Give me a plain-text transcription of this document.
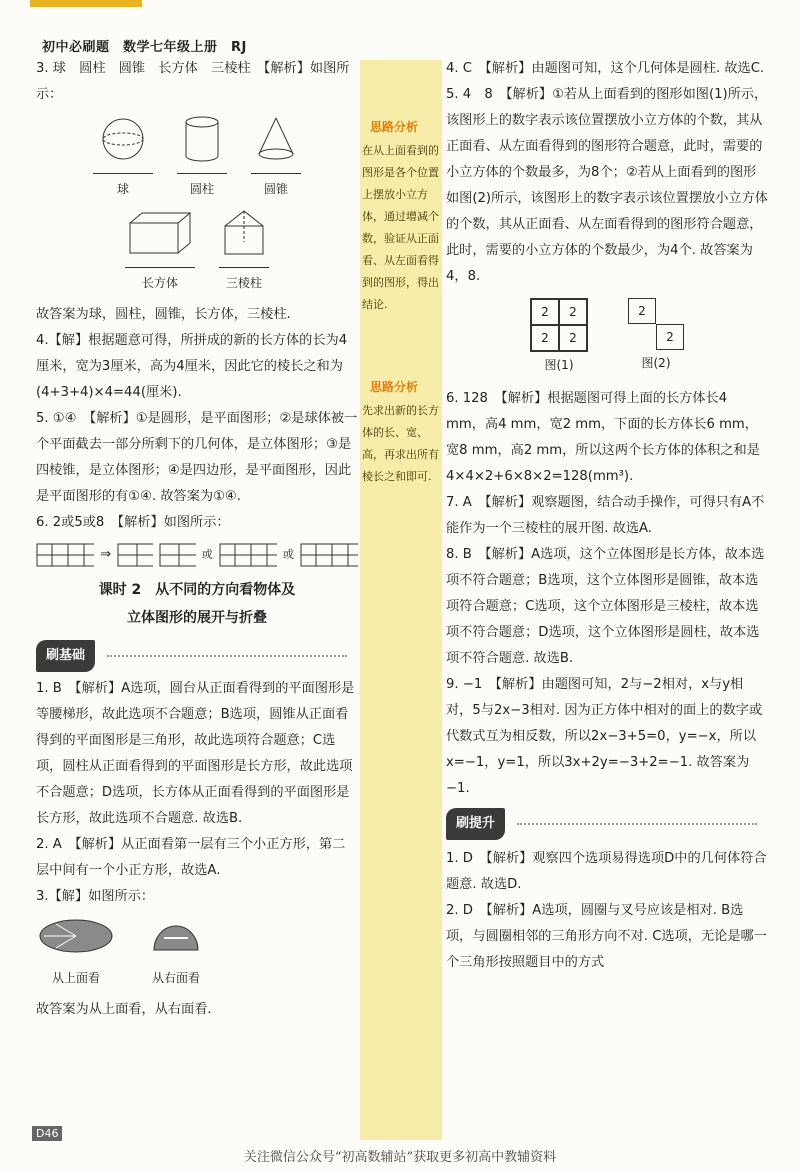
初中必刷题　数学七年级上册　RJ
思路分析
在从上面看到的图形是各个位置上摆放小立方体，通过增减个数，验证从正面看、从左面看得到的图形，得出结论.
思路分析
先求出新的长方体的长、宽、高，再求出所有棱长之和即可.

3. 球　圆柱　圆锥　长方体　三棱柱　【解析】如图所示：

球	圆柱	圆锥
长方体	三棱柱

故答案为球，圆柱，圆锥，长方体，三棱柱.

4.【解】根据题意可得，所拼成的新的长方体的长为4厘米，宽为3厘米，高为4厘米，因此它的棱长之和为(4+3+4)×4=44(厘米).

5. ①④　【解析】①是圆形，是平面图形；②是球体被一个平面截去一部分所剩下的几何体，是立体图形；③是四棱锥，是立体图形；④是四边形，是平面图形，因此是平面图形的有①④. 故答案为①④.

6. 2或5或8　【解析】如图所示：

⇒	或	或
课时 2　从不同的方向看物体及
立体图形的展开与折叠
刷基础

1. B　【解析】A选项，圆台从正面看得到的平面图形是等腰梯形，故此选项不合题意；B选项，圆锥从正面看得到的平面图形是三角形，故此选项符合题意；C选项，圆柱从正面看得到的平面图形是长方形，故此选项不合题意；D选项，长方体从正面看得到的平面图形是长方形，故此选项不合题意. 故选B.

2. A　【解析】从正面看第一层有三个小正方形，第二层中间有一个小正方形，故选A.

3.【解】如图所示：

从上面看	从右面看

故答案为从上面看，从右面看.

4. C　【解析】由题图可知，这个几何体是圆柱. 故选C.

5. 4　8　【解析】①若从上面看到的图形如图(1)所示，该图形上的数字表示该位置摆放小立方体的个数，其从正面看、从左面看得到的图形符合题意，此时，需要的小立方体的个数最多，为8个；②若从上面看到的图形如图(2)所示，该图形上的数字表示该位置摆放小立方体的个数，其从正面看、从左面看得到的图形符合题意，此时，需要的小立方体的个数最少，为4个. 故答案为4，8.

2	2
2	2
图(1)
2
2
图(2)

6. 128　【解析】根据题图可得上面的长方体长4 mm，高4 mm，宽2 mm，下面的长方体长6 mm，宽8 mm，高2 mm，所以这两个长方体的体积之和是4×4×2+6×8×2=128(mm³).

7. A　【解析】观察题图，结合动手操作，可得只有A不能作为一个三棱柱的展开图. 故选A.

8. B　【解析】A选项，这个立体图形是长方体，故本选项不符合题意；B选项，这个立体图形是圆锥，故本选项符合题意；C选项，这个立体图形是三棱柱，故本选项不符合题意；D选项，这个立体图形是圆柱，故本选项不符合题意. 故选B.

9. −1　【解析】由题图可知，2与−2相对，x与y相对，5与2x−3相对. 因为正方体中相对的面上的数字或代数式互为相反数，所以2x−3+5=0，y=−x，所以x=−1，y=1，所以3x+2y=−3+2=−1. 故答案为−1.

刷提升

1. D　【解析】观察四个选项易得选项D中的几何体符合题意. 故选D.

2. D　【解析】A选项，圆圈与叉号应该是相对. B选项，与圆圈相邻的三角形方向不对. C选项，无论是哪一个三角形按照题目中的方式

D46
关注微信公众号“初高数辅站”获取更多初高中教辅资料
